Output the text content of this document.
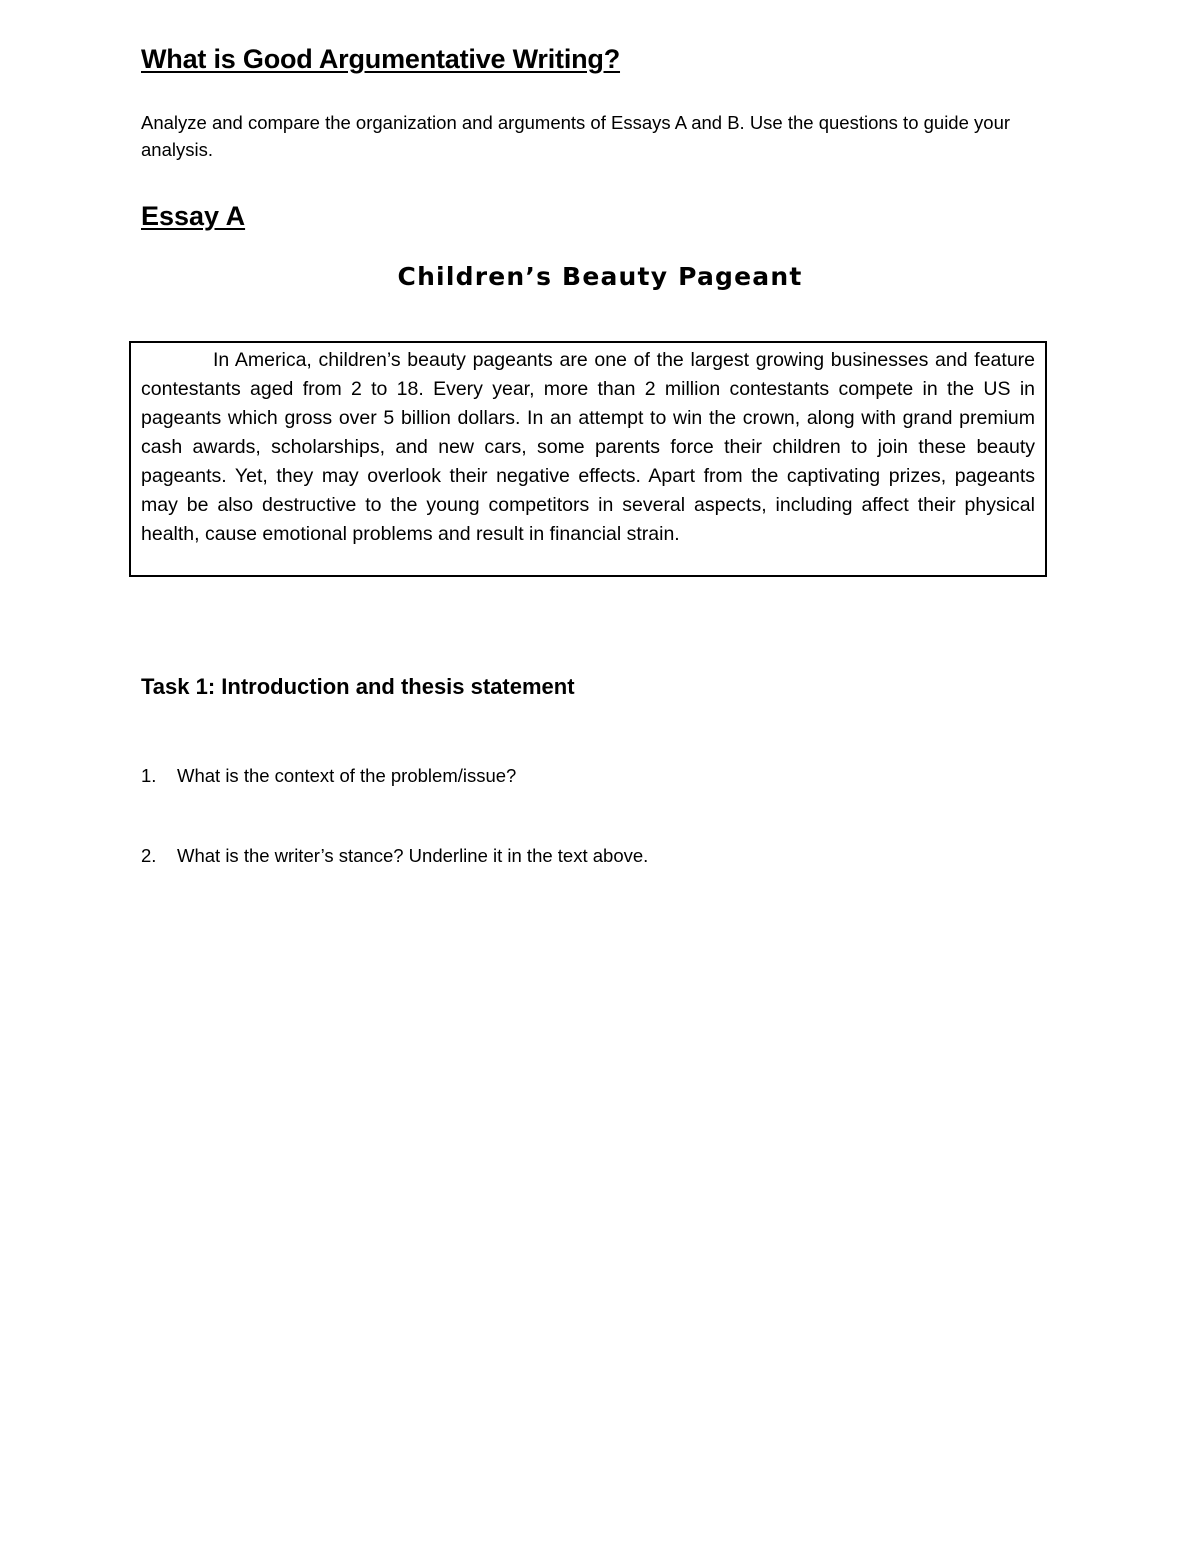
What is Good Argumentative Writing?

Analyze and compare the organization and arguments of Essays A and B. Use the questions to guide your analysis.

Essay A
Children’s Beauty Pageant

In America, children’s beauty pageants are one of the largest growing businesses and feature contestants aged from 2 to 18. Every year, more than 2 million contestants compete in the US in pageants which gross over 5 billion dollars. In an attempt to win the crown, along with grand premium cash awards, scholarships, and new cars, some parents force their children to join these beauty pageants. Yet, they may overlook their negative effects. Apart from the captivating prizes, pageants may be also destructive to the young competitors in several aspects, including affect their physical health, cause emotional problems and result in financial strain.

Task 1: Introduction and thesis statement
1.	What is the context of the problem/issue?
2.	What is the writer’s stance? Underline it in the text above.
